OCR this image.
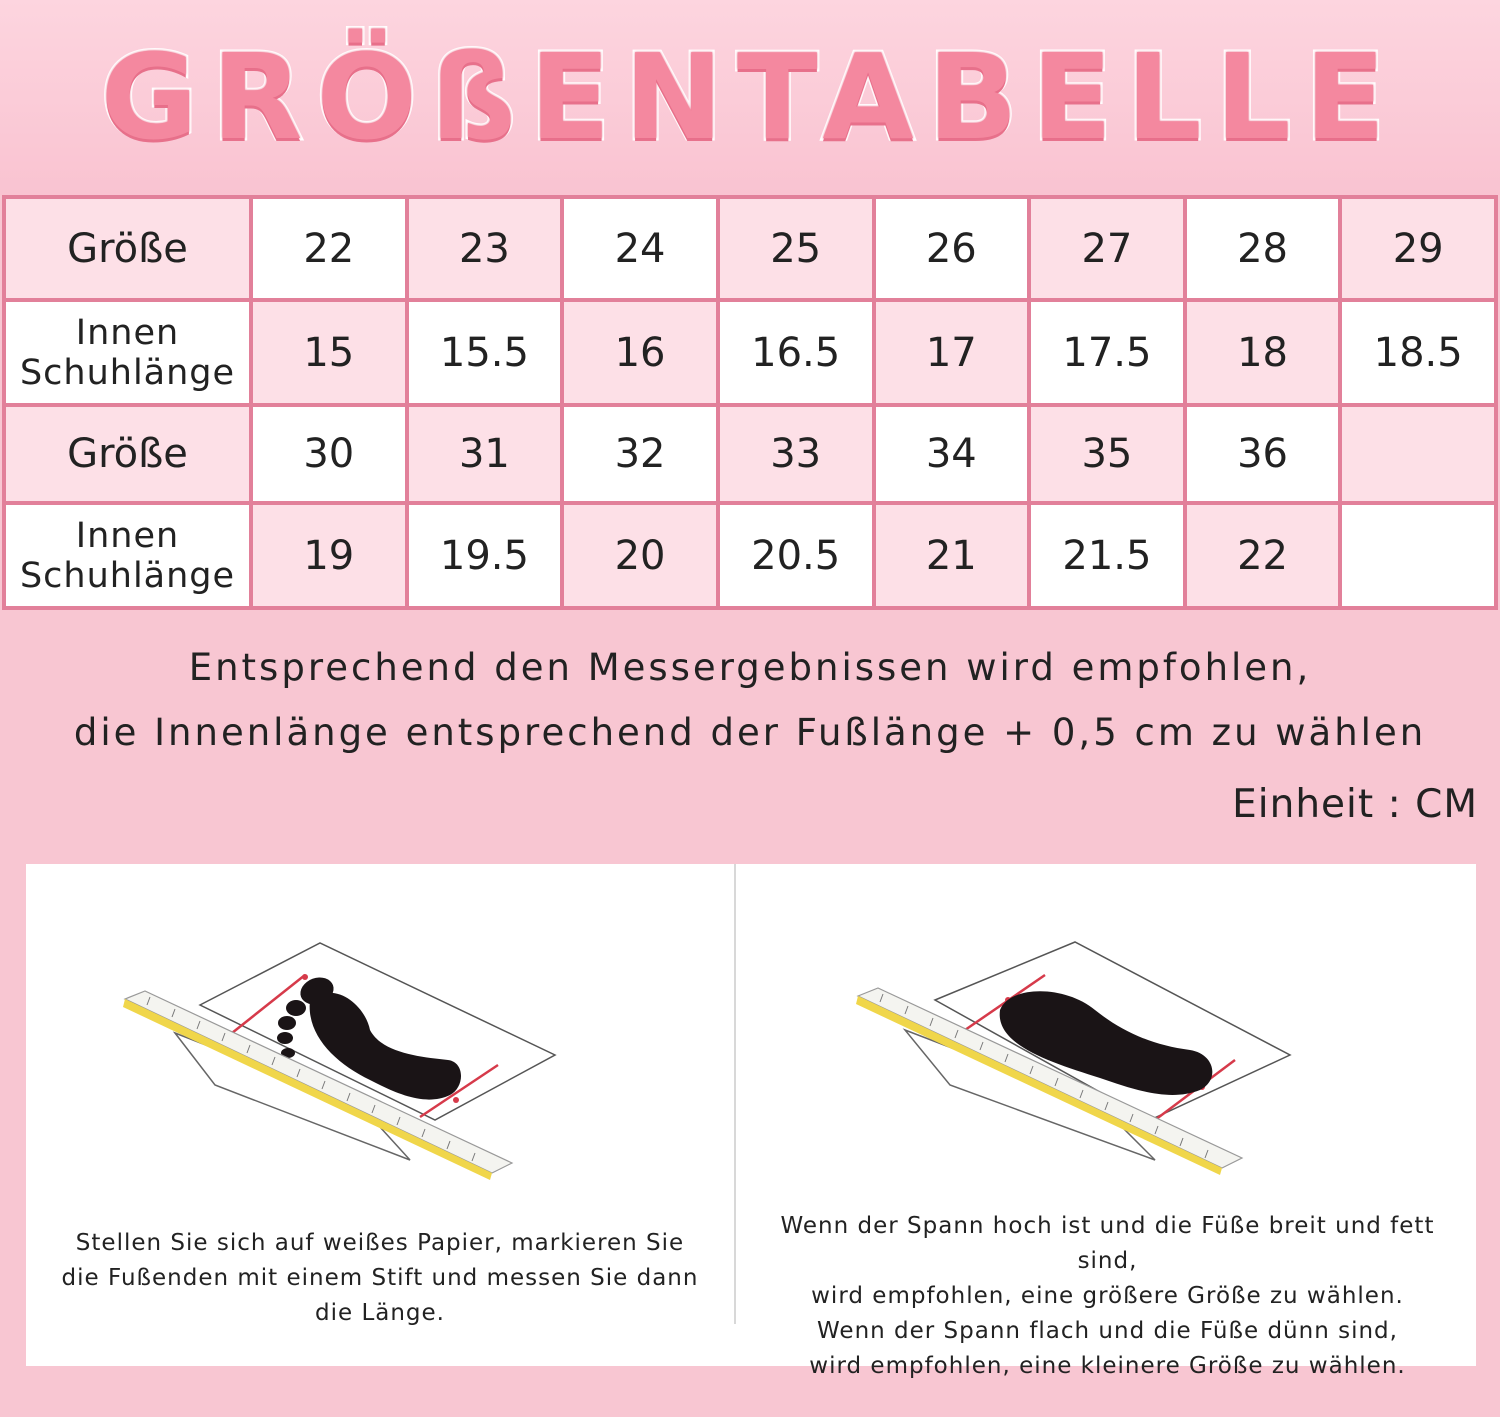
GRÖßENTABELLE
Größe	22	23	24	25	26	27	28	29

Innen
Schuhlänge	15	15.5	16	16.5	17	17.5	18	18.5
Größe	30	31	32	33	34	35	36	

Innen
Schuhlänge	19	19.5	20	20.5	21	21.5	22	
Entsprechend den Messergebnissen wird empfohlen,
die Innenlänge entsprechend der Fußlänge + 0,5 cm zu wählen
Einheit : CM
Stellen Sie sich auf weißes Papier, markieren Sie
die Fußenden mit einem Stift und messen Sie dann
die Länge.
Wenn der Spann hoch ist und die Füße breit und fett sind,
wird empfohlen, eine größere Größe zu wählen.
Wenn der Spann flach und die Füße dünn sind,
wird empfohlen, eine kleinere Größe zu wählen.
